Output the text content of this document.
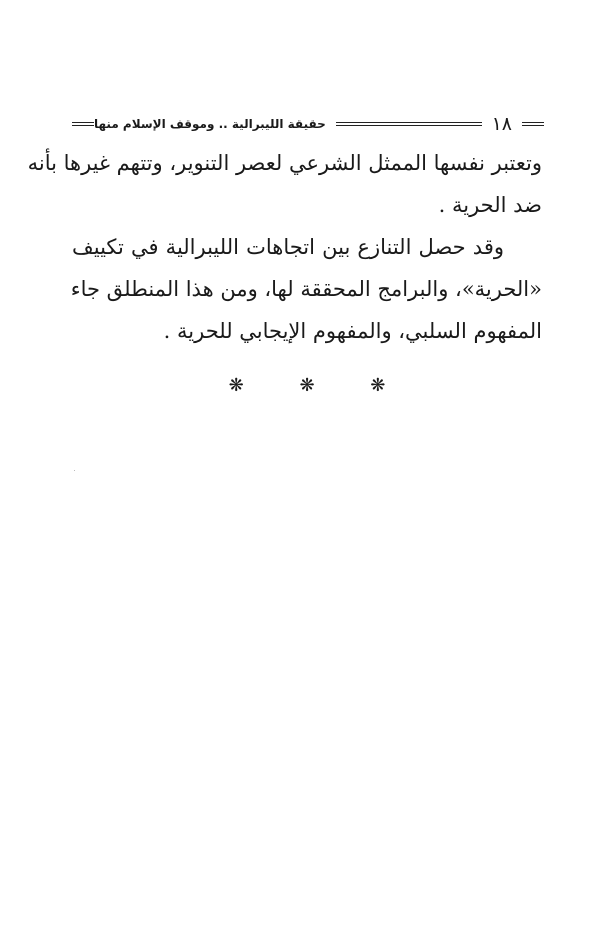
١٨
حقيقة الليبرالية .. وموقف الإسلام منها
وتعتبر نفسها الممثل الشرعي لعصر التنوير، وتتهم غيرها بأنه
ضد الحرية .
وقد حصل التنازع بين اتجاهات الليبرالية في تكييف
«الحرية»، والبرامج المحققة لها، ومن هذا المنطلق جاء
المفهوم السلبي، والمفهوم الإيجابي للحرية .
❋ ❋ ❋
